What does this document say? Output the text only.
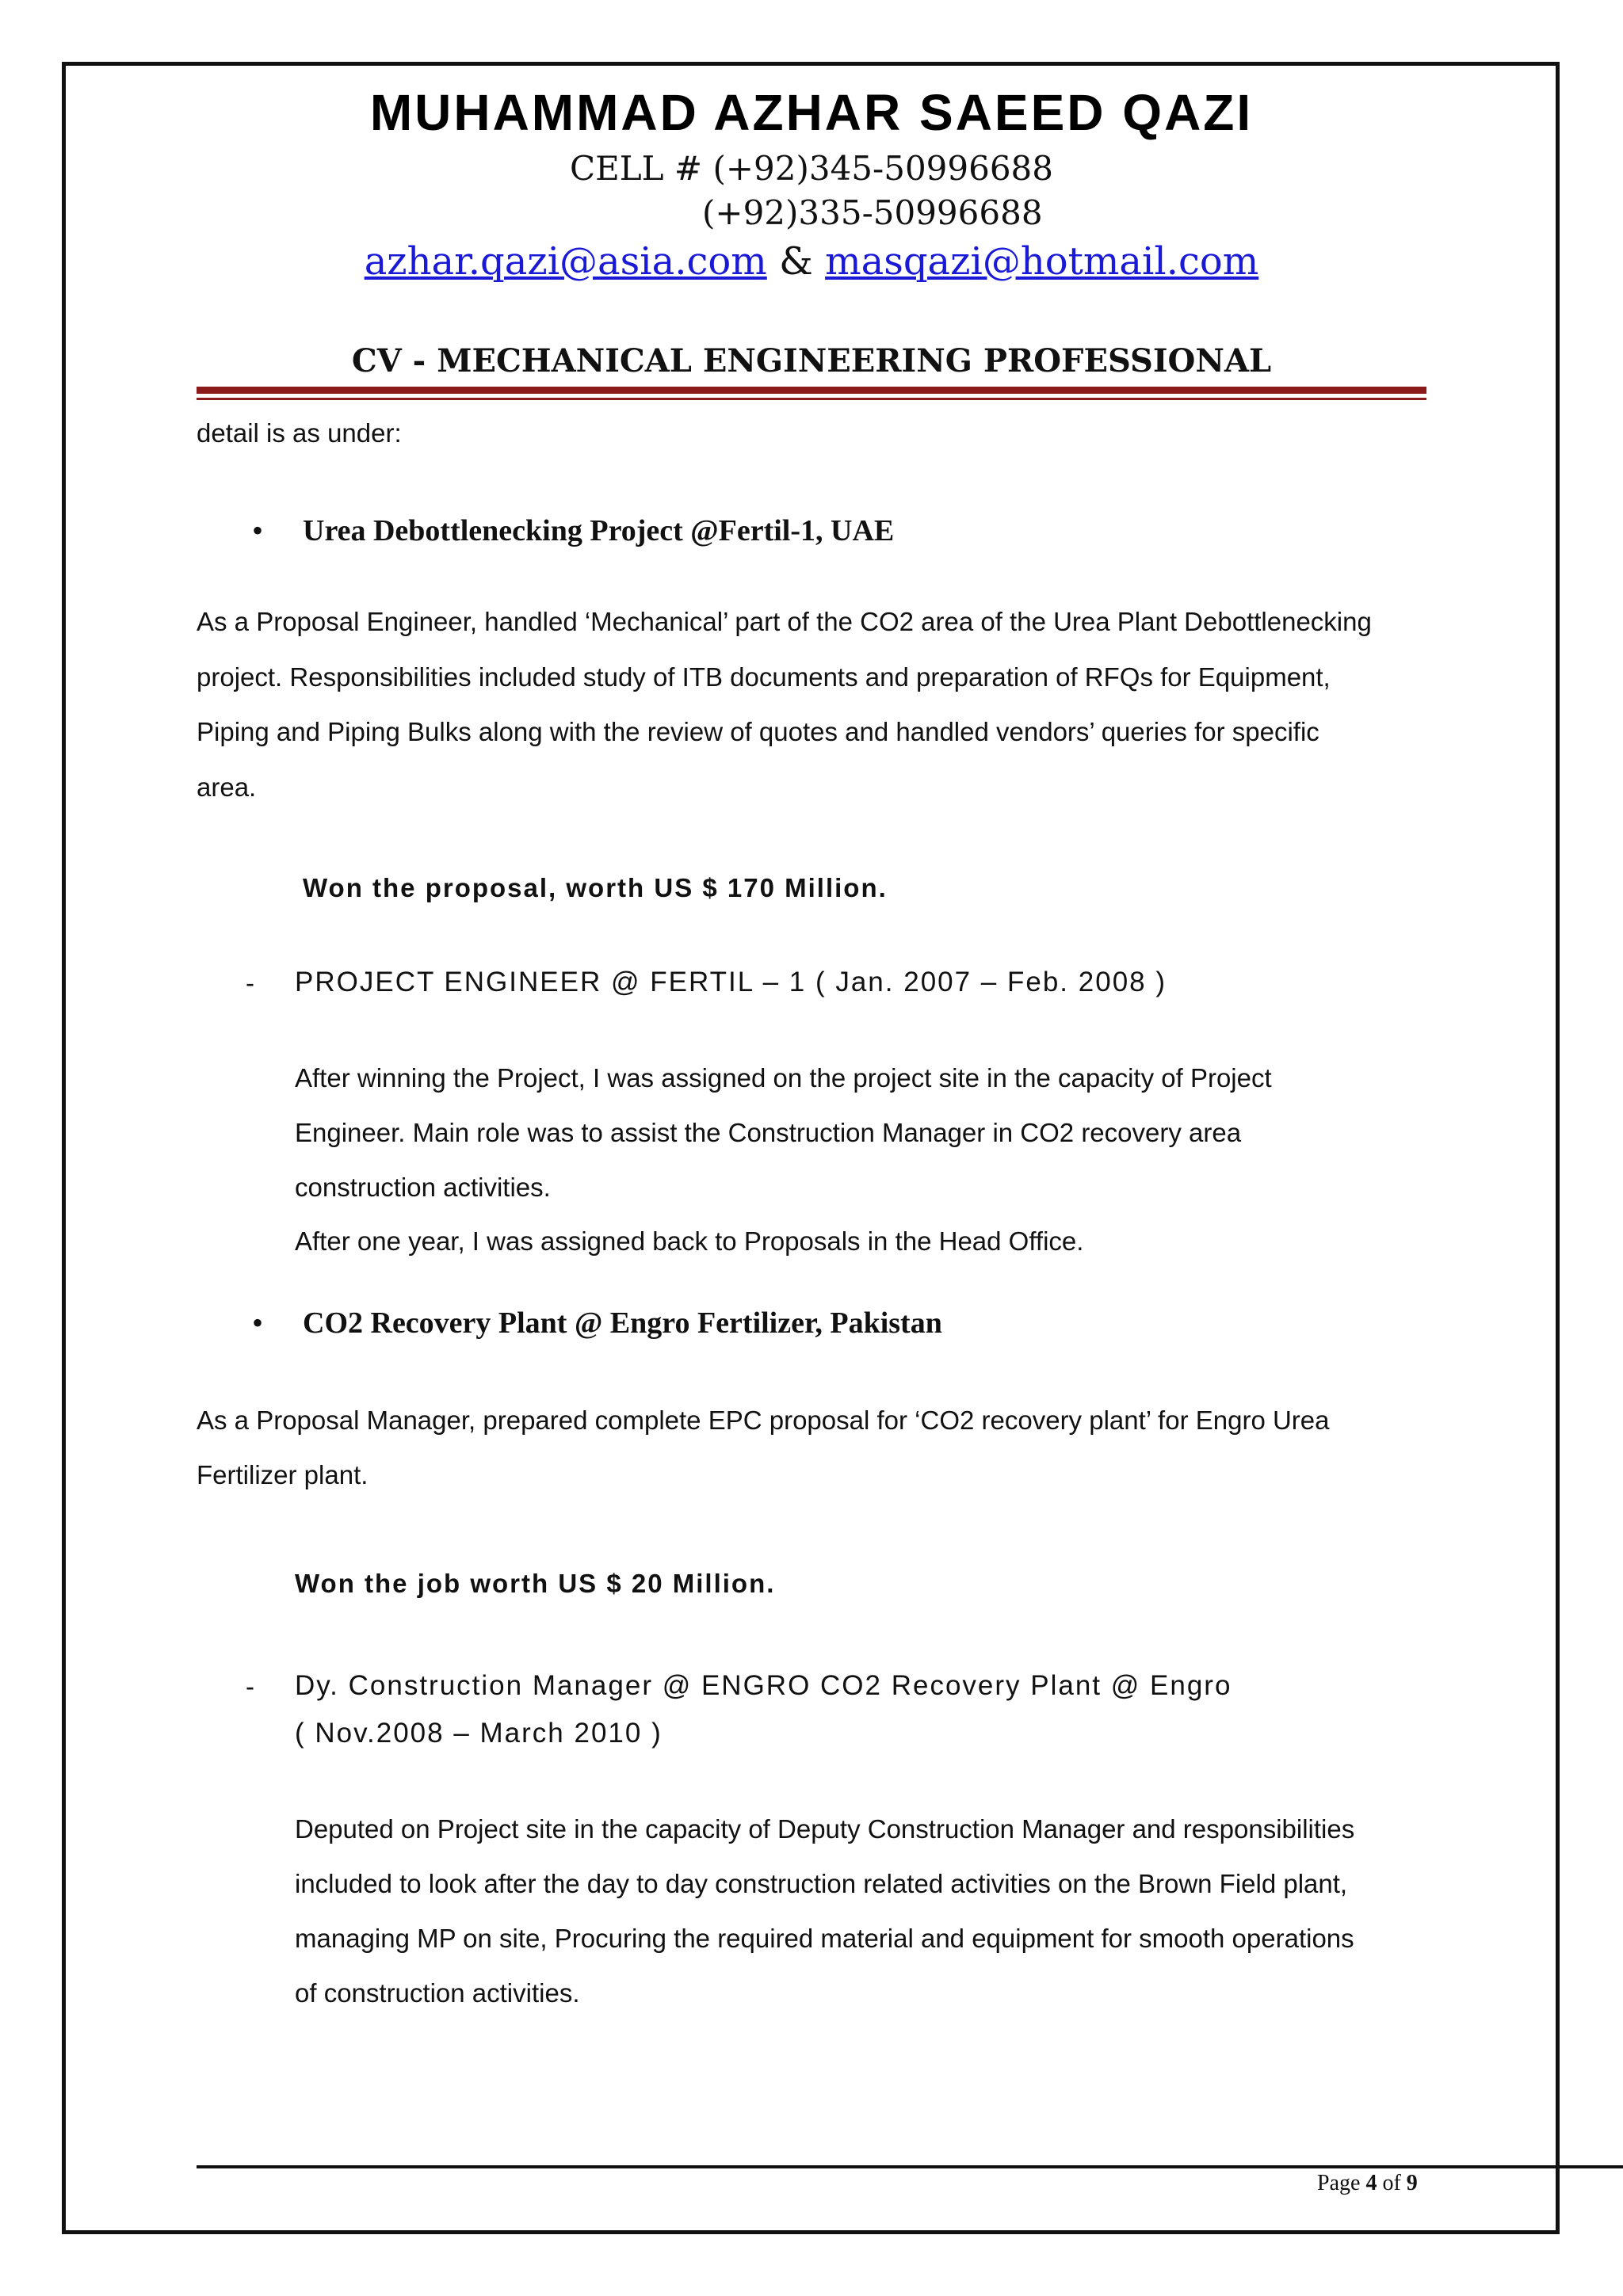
MUHAMMAD AZHAR SAEED QAZI
CELL # (+92)345-50996688
(+92)335-50996688
azhar.qazi@asia.com & masqazi@hotmail.com
CV - MECHANICAL ENGINEERING PROFESSIONAL
detail is as under:
• Urea Debottlenecking Project @Fertil-1, UAE
As a Proposal Engineer, handled ‘Mechanical’ part of the CO2 area of the Urea Plant Debottlenecking
project. Responsibilities included study of ITB documents and preparation of RFQs for Equipment,
Piping and Piping Bulks along with the review of quotes and handled vendors’ queries for specific
area.
Won the proposal, worth US $ 170 Million.
- PROJECT ENGINEER @ FERTIL – 1 ( Jan. 2007 – Feb. 2008 )
After winning the Project, I was assigned on the project site in the capacity of Project
Engineer. Main role was to assist the Construction Manager in CO2 recovery area
construction activities.
After one year, I was assigned back to Proposals in the Head Office.
• CO2 Recovery Plant @ Engro Fertilizer, Pakistan
As a Proposal Manager, prepared complete EPC proposal for ‘CO2 recovery plant’ for Engro Urea
Fertilizer plant.
Won the job worth US $ 20 Million.
- Dy. Construction Manager @ ENGRO CO2 Recovery Plant @ Engro
( Nov.2008 – March 2010 )
Deputed on Project site in the capacity of Deputy Construction Manager and responsibilities
included to look after the day to day construction related activities on the Brown Field plant,
managing MP on site, Procuring the required material and equipment for smooth operations
of construction activities.
Page 4 of 9
